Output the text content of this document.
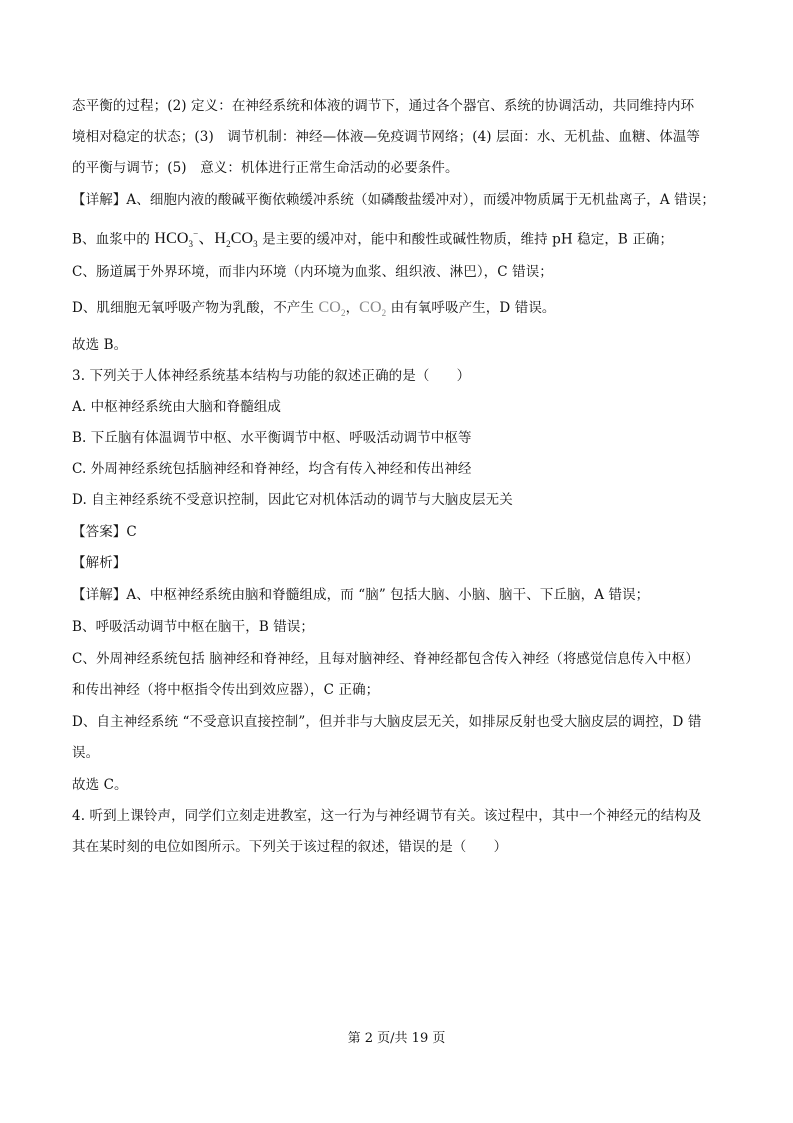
态平衡的过程；(2) 定义：在神经系统和体液的调节下，通过各个器官、系统的协调活动，共同维持内环
境相对稳定的状态；(3)　调节机制：神经—体液—免疫调节网络；(4) 层面：水、无机盐、血糖、体温等
的平衡与调节；(5)　意义：机体进行正常生命活动的必要条件。
【详解】A、细胞内液的酸碱平衡依赖缓冲系统（如磷酸盐缓冲对），而缓冲物质属于无机盐离子，A 错误；
B、血浆中的 $HCO_3^-$、$H_2CO_3$ 是主要的缓冲对，能中和酸性或碱性物质，维持 pH 稳定，B 正确；
C、肠道属于外界环境，而非内环境（内环境为血浆、组织液、淋巴），C 错误；
D、肌细胞无氧呼吸产物为乳酸，不产生 $CO_2$，$CO_2$ 由有氧呼吸产生，D 错误。
故选 B。
3. 下列关于人体神经系统基本结构与功能的叙述正确的是（　　）
A. 中枢神经系统由大脑和脊髓组成
B. 下丘脑有体温调节中枢、水平衡调节中枢、呼吸活动调节中枢等
C. 外周神经系统包括脑神经和脊神经，均含有传入神经和传出神经
D. 自主神经系统不受意识控制，因此它对机体活动的调节与大脑皮层无关
【答案】C
【解析】
【详解】A、中枢神经系统由脑和脊髓组成，而 “脑” 包括大脑、小脑、脑干、下丘脑，A 错误；
B、呼吸活动调节中枢在脑干，B 错误；
C、外周神经系统包括 脑神经和脊神经，且每对脑神经、脊神经都包含传入神经（将感觉信息传入中枢）
和传出神经（将中枢指令传出到效应器），C 正确；
D、自主神经系统 “不受意识直接控制”，但并非与大脑皮层无关，如排尿反射也受大脑皮层的调控，D 错
误。
故选 C。
4. 听到上课铃声，同学们立刻走进教室，这一行为与神经调节有关。该过程中，其中一个神经元的结构及
其在某时刻的电位如图所示。下列关于该过程的叙述，错误的是（　　）
第 2 页/共 19 页
